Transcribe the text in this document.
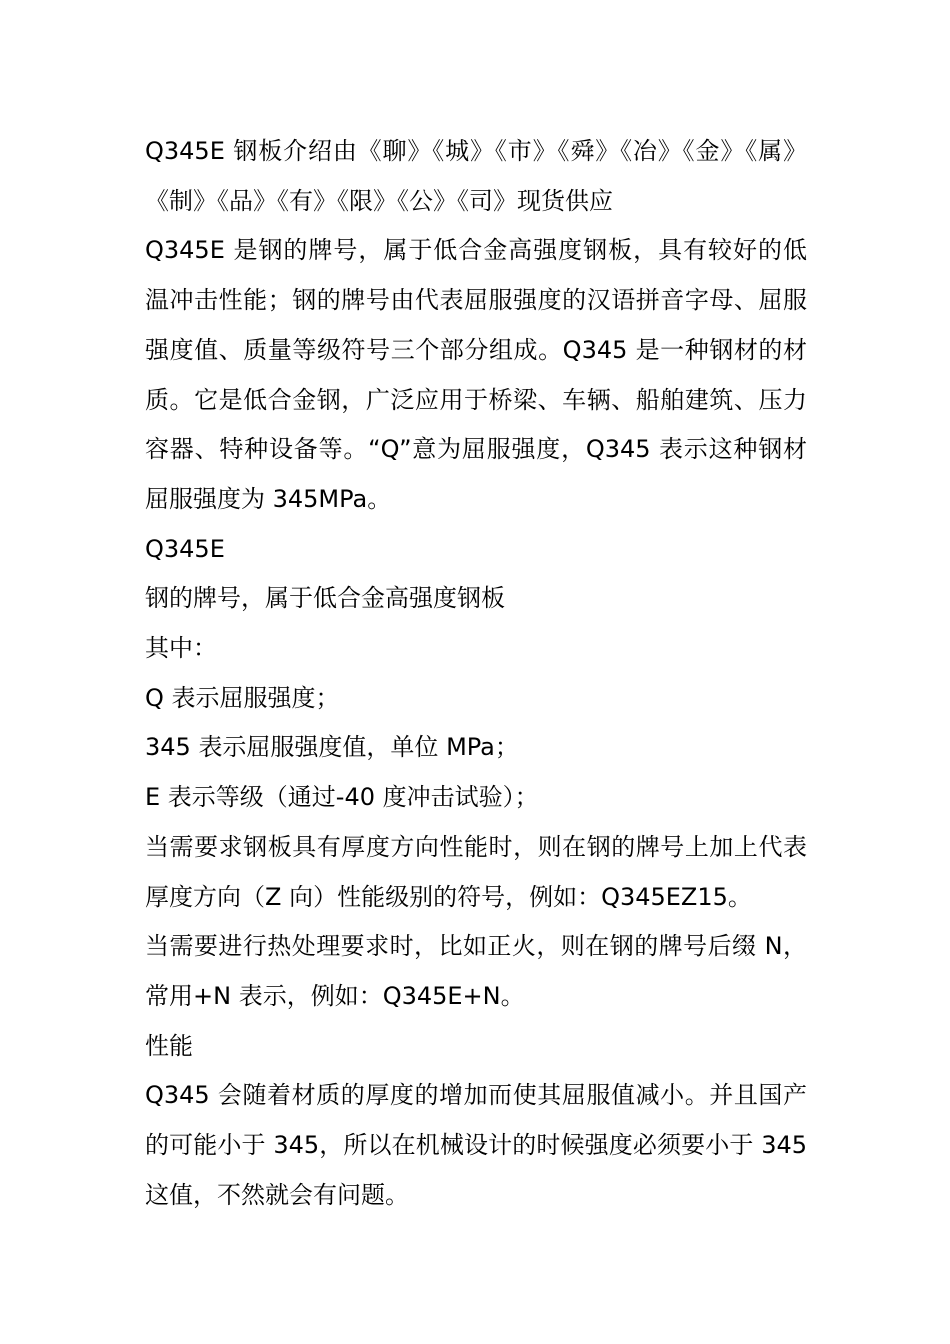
Q345E 钢板介绍由《聊》《城》《市》《舜》《冶》《金》《属》《制》《品》《有》《限》《公》《司》现货供应

Q345E 是钢的牌号，属于低合金高强度钢板，具有较好的低温冲击性能；钢的牌号由代表屈服强度的汉语拼音字母、屈服强度值、质量等级符号三个部分组成。Q345 是一种钢材的材质。它是低合金钢，广泛应用于桥梁、车辆、船舶建筑、压力容器、特种设备等。“Q”意为屈服强度，Q345 表示这种钢材屈服强度为 345MPa。

Q345E

钢的牌号，属于低合金高强度钢板

其中：

Q 表示屈服强度；

345 表示屈服强度值，单位 MPa；

E 表示等级（通过-40 度冲击试验）；

当需要求钢板具有厚度方向性能时，则在钢的牌号上加上代表厚度方向（Z 向）性能级别的符号，例如：Q345EZ15。

当需要进行热处理要求时，比如正火，则在钢的牌号后缀 N，常用+N 表示，例如：Q345E+N。

性能

Q345 会随着材质的厚度的增加而使其屈服值减小。并且国产的可能小于 345，所以在机械设计的时候强度必须要小于 345 这值，不然就会有问题。
